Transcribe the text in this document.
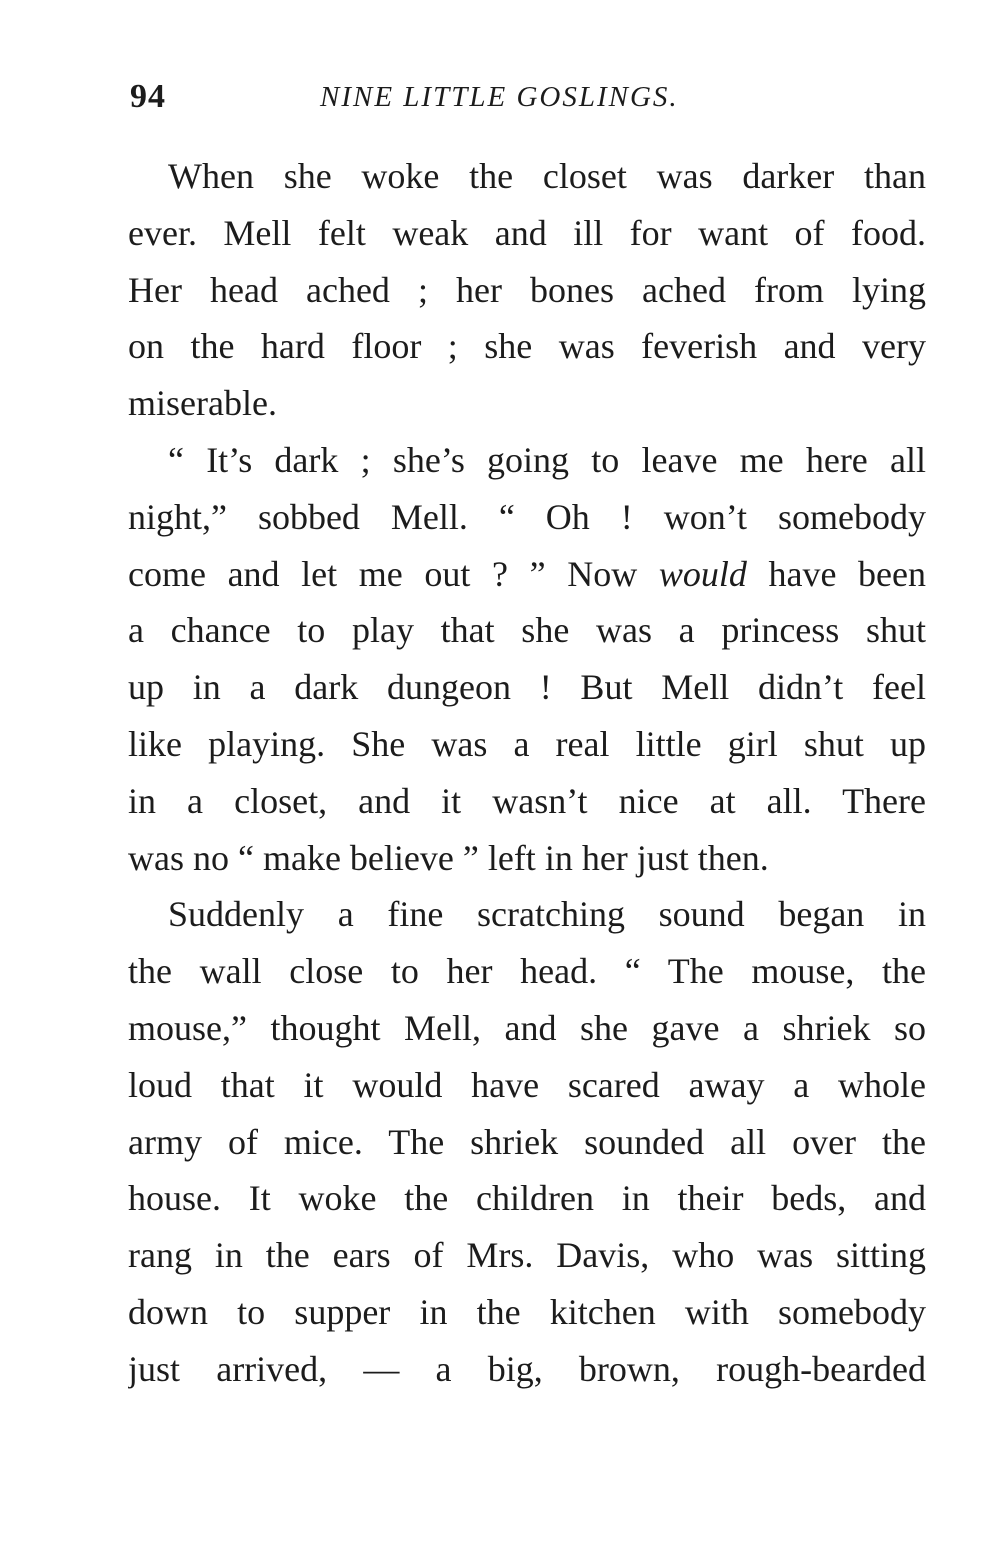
94	NINE LITTLE GOSLINGS.
When she woke the closet was darker than
ever. Mell felt weak and ill for want of food.
Her head ached ; her bones ached from lying
on the hard floor ; she was feverish and very
miserable.
“ It’s dark ; she’s going to leave me here all
night,” sobbed Mell. “ Oh ! won’t somebody
come and let me out ? ” Now would have been
a chance to play that she was a princess shut
up in a dark dungeon ! But Mell didn’t feel
like playing. She was a real little girl shut up
in a closet, and it wasn’t nice at all. There
was no “ make believe ” left in her just then.
Suddenly a fine scratching sound began in
the wall close to her head. “ The mouse, the
mouse,” thought Mell, and she gave a shriek so
loud that it would have scared away a whole
army of mice. The shriek sounded all over the
house. It woke the children in their beds, and
rang in the ears of Mrs. Davis, who was sitting
down to supper in the kitchen with somebody
just arrived, — a big, brown, rough-bearded
